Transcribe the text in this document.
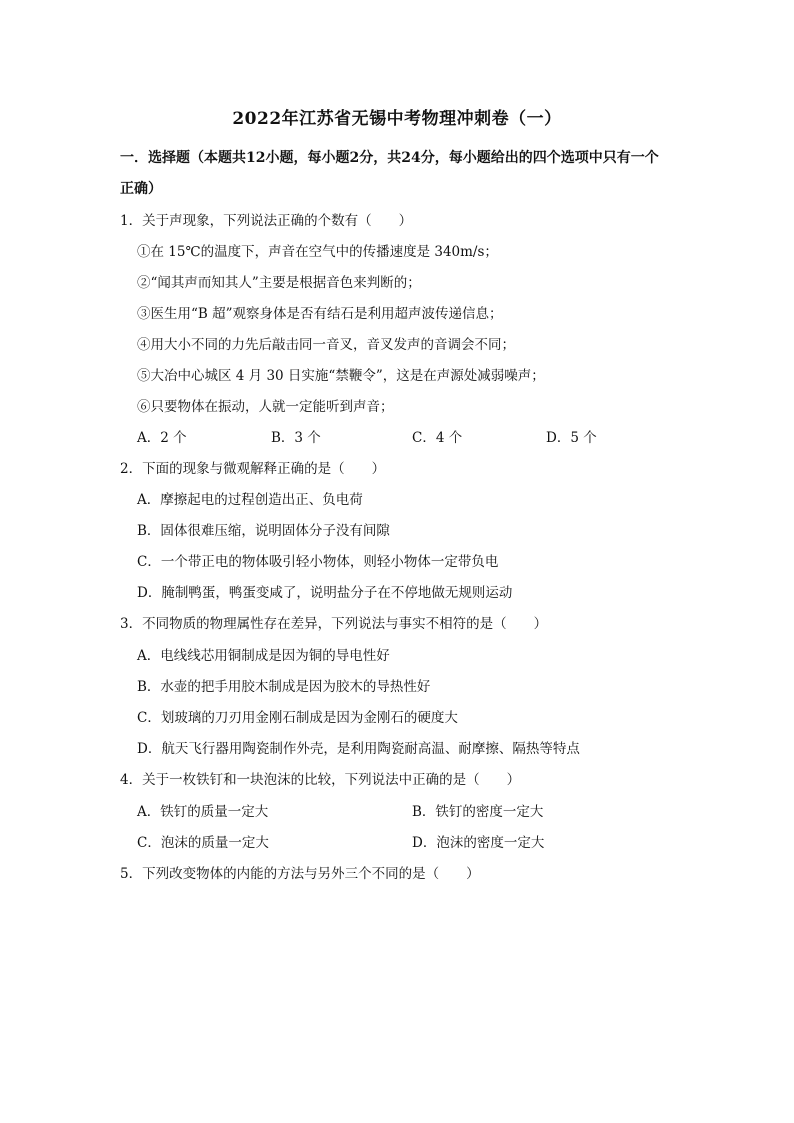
2022年江苏省无锡中考物理冲刺卷（一）
一．选择题（本题共12小题，每小题2分，共24分，每小题给出的四个选项中只有一个
正确）
1．关于声现象，下列说法正确的个数有（　　）
①在 15℃的温度下，声音在空气中的传播速度是 340m/s；
②“闻其声而知其人”主要是根据音色来判断的；
③医生用“B 超”观察身体是否有结石是利用超声波传递信息；
④用大小不同的力先后敲击同一音叉，音叉发声的音调会不同；
⑤大冶中心城区 4 月 30 日实施“禁鞭令”，这是在声源处减弱噪声；
⑥只要物体在振动，人就一定能听到声音；
A．2 个	B．3 个	C．4 个	D．5 个
2．下面的现象与微观解释正确的是（　　）
A．摩擦起电的过程创造出正、负电荷
B．固体很难压缩，说明固体分子没有间隙
C．一个带正电的物体吸引轻小物体，则轻小物体一定带负电
D．腌制鸭蛋，鸭蛋变咸了，说明盐分子在不停地做无规则运动
3．不同物质的物理属性存在差异，下列说法与事实不相符的是（　　）
A．电线线芯用铜制成是因为铜的导电性好
B．水壶的把手用胶木制成是因为胶木的导热性好
C．划玻璃的刀刃用金刚石制成是因为金刚石的硬度大
D．航天飞行器用陶瓷制作外壳，是利用陶瓷耐高温、耐摩擦、隔热等特点
4．关于一枚铁钉和一块泡沫的比较，下列说法中正确的是（　　）
A．铁钉的质量一定大	B．铁钉的密度一定大
C．泡沫的质量一定大	D．泡沫的密度一定大
5．下列改变物体的内能的方法与另外三个不同的是（　　）
